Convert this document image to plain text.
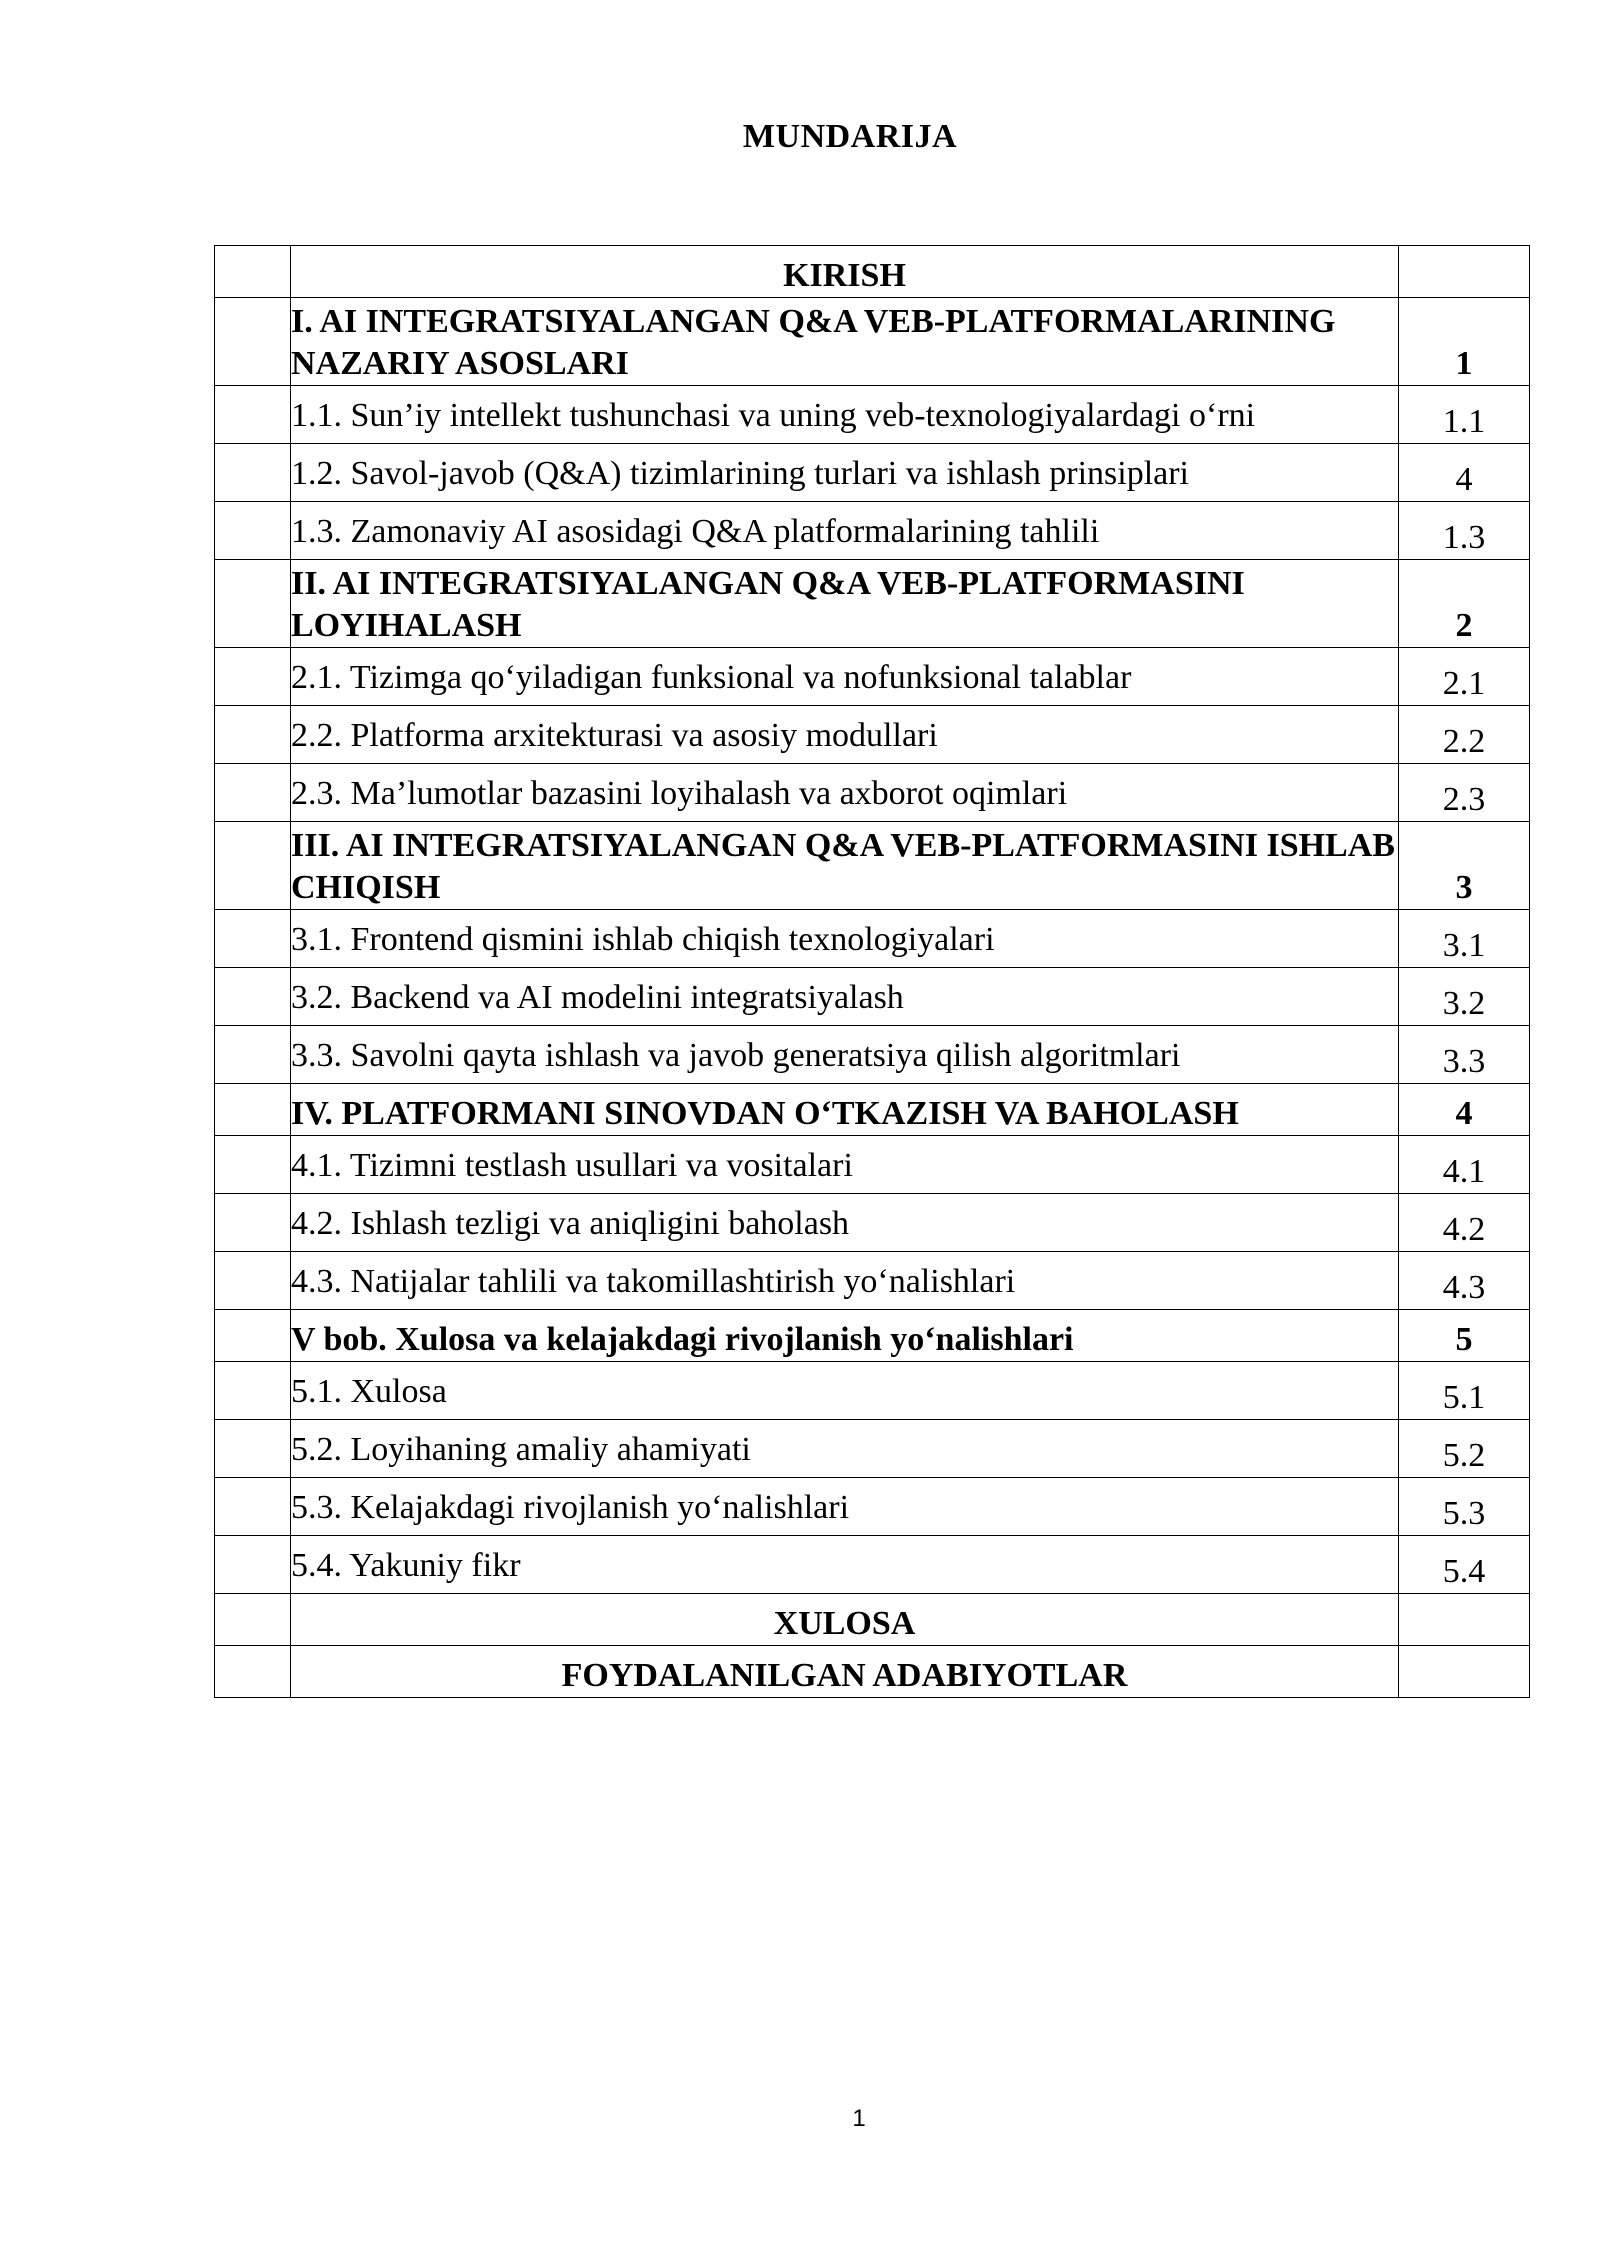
MUNDARIJA
	KIRISH	
	I. AI INTEGRATSIYALANGAN Q&A VEB-PLATFORMALARINING NAZARIY ASOSLARI	1
	1.1. Sun’iy intellekt tushunchasi va uning veb-texnologiyalardagi o‘rni	1.1
	1.2. Savol-javob (Q&A) tizimlarining turlari va ishlash prinsiplari	4
	1.3. Zamonaviy AI asosidagi Q&A platformalarining tahlili	1.3
	II. AI INTEGRATSIYALANGAN Q&A VEB-PLATFORMASINI LOYIHALASH	2
	2.1. Tizimga qo‘yiladigan funksional va nofunksional talablar	2.1
	2.2. Platforma arxitekturasi va asosiy modullari	2.2
	2.3. Ma’lumotlar bazasini loyihalash va axborot oqimlari	2.3
	III. AI INTEGRATSIYALANGAN Q&A VEB-PLATFORMASINI ISHLAB CHIQISH	3
	3.1. Frontend qismini ishlab chiqish texnologiyalari	3.1
	3.2. Backend va AI modelini integratsiyalash	3.2
	3.3. Savolni qayta ishlash va javob generatsiya qilish algoritmlari	3.3
	IV. PLATFORMANI SINOVDAN O‘TKAZISH VA BAHOLASH	4
	4.1. Tizimni testlash usullari va vositalari	4.1
	4.2. Ishlash tezligi va aniqligini baholash	4.2
	4.3. Natijalar tahlili va takomillashtirish yo‘nalishlari	4.3
	V bob. Xulosa va kelajakdagi rivojlanish yo‘nalishlari	5
	5.1. Xulosa	5.1
	5.2. Loyihaning amaliy ahamiyati	5.2
	5.3. Kelajakdagi rivojlanish yo‘nalishlari	5.3
	5.4. Yakuniy fikr	5.4
	XULOSA	
	FOYDALANILGAN ADABIYOTLAR	
1
